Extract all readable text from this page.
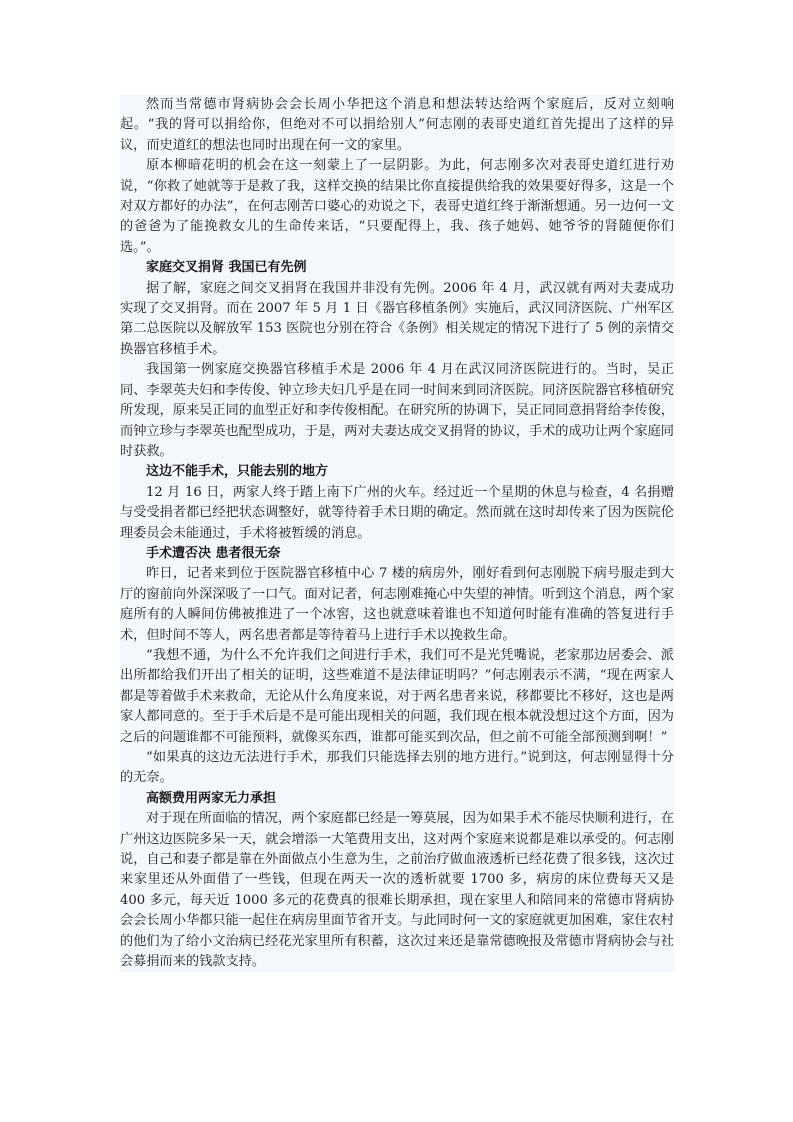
然而当常德市肾病协会会长周小华把这个消息和想法转达给两个家庭后，反对立刻响起。“我的肾可以捐给你，但绝对不可以捐给别人”何志刚的表哥史道红首先提出了这样的异议，而史道红的想法也同时出现在何一文的家里。

原本柳暗花明的机会在这一刻蒙上了一层阴影。为此，何志刚多次对表哥史道红进行劝说，“你救了她就等于是救了我，这样交换的结果比你直接提供给我的效果要好得多，这是一个对双方都好的办法”，在何志刚苦口婆心的劝说之下，表哥史道红终于渐渐想通。另一边何一文的爸爸为了能挽救女儿的生命传来话，“只要配得上，我、孩子她妈、她爷爷的肾随便你们选。”。

家庭交叉捐肾 我国已有先例

据了解，家庭之间交叉捐肾在我国并非没有先例。2006 年 4 月，武汉就有两对夫妻成功实现了交叉捐肾。而在 2007 年 5 月 1 日《器官移植条例》实施后，武汉同济医院、广州军区第二总医院以及解放军 153 医院也分别在符合《条例》相关规定的情况下进行了 5 例的亲情交换器官移植手术。

我国第一例家庭交换器官移植手术是 2006 年 4 月在武汉同济医院进行的。当时，吴正同、李翠英夫妇和李传俊、钟立珍夫妇几乎是在同一时间来到同济医院。同济医院器官移植研究所发现，原来吴正同的血型正好和李传俊相配。在研究所的协调下，吴正同同意捐肾给李传俊，而钟立珍与李翠英也配型成功，于是，两对夫妻达成交叉捐肾的协议，手术的成功让两个家庭同时获救。

这边不能手术，只能去别的地方

12 月 16 日，两家人终于踏上南下广州的火车。经过近一个星期的休息与检查，4 名捐赠与受受捐者都已经把状态调整好，就等待着手术日期的确定。然而就在这时却传来了因为医院伦理委员会未能通过，手术将被暂缓的消息。

手术遭否决 患者很无奈

昨日，记者来到位于医院器官移植中心 7 楼的病房外，刚好看到何志刚脱下病号服走到大厅的窗前向外深深吸了一口气。面对记者，何志刚难掩心中失望的神情。听到这个消息，两个家庭所有的人瞬间仿佛被推进了一个冰窖，这也就意味着谁也不知道何时能有准确的答复进行手术，但时间不等人，两名患者都是等待着马上进行手术以挽救生命。

“我想不通，为什么不允许我们之间进行手术，我们可不是光凭嘴说，老家那边居委会、派出所都给我们开出了相关的证明，这些难道不是法律证明吗？”何志刚表示不满，“现在两家人都是等着做手术来救命，无论从什么角度来说，对于两名患者来说，移都要比不移好，这也是两家人都同意的。至于手术后是不是可能出现相关的问题，我们现在根本就没想过这个方面，因为之后的问题谁都不可能预料，就像买东西，谁都可能买到次品，但之前不可能全部预测到啊！”

“如果真的这边无法进行手术，那我们只能选择去别的地方进行。”说到这，何志刚显得十分的无奈。

高额费用两家无力承担

对于现在所面临的情况，两个家庭都已经是一筹莫展，因为如果手术不能尽快顺利进行，在广州这边医院多呆一天，就会增添一大笔费用支出，这对两个家庭来说都是难以承受的。何志刚说，自己和妻子都是靠在外面做点小生意为生，之前治疗做血液透析已经花费了很多钱，这次过来家里还从外面借了一些钱，但现在两天一次的透析就要 1700 多，病房的床位费每天又是 400 多元，每天近 1000 多元的花费真的很难长期承担，现在家里人和陪同来的常德市肾病协会会长周小华都只能一起住在病房里面节省开支。与此同时何一文的家庭就更加困难，家住农村的他们为了给小文治病已经花光家里所有积蓄，这次过来还是靠常德晚报及常德市肾病协会与社会募捐而来的钱款支持。
